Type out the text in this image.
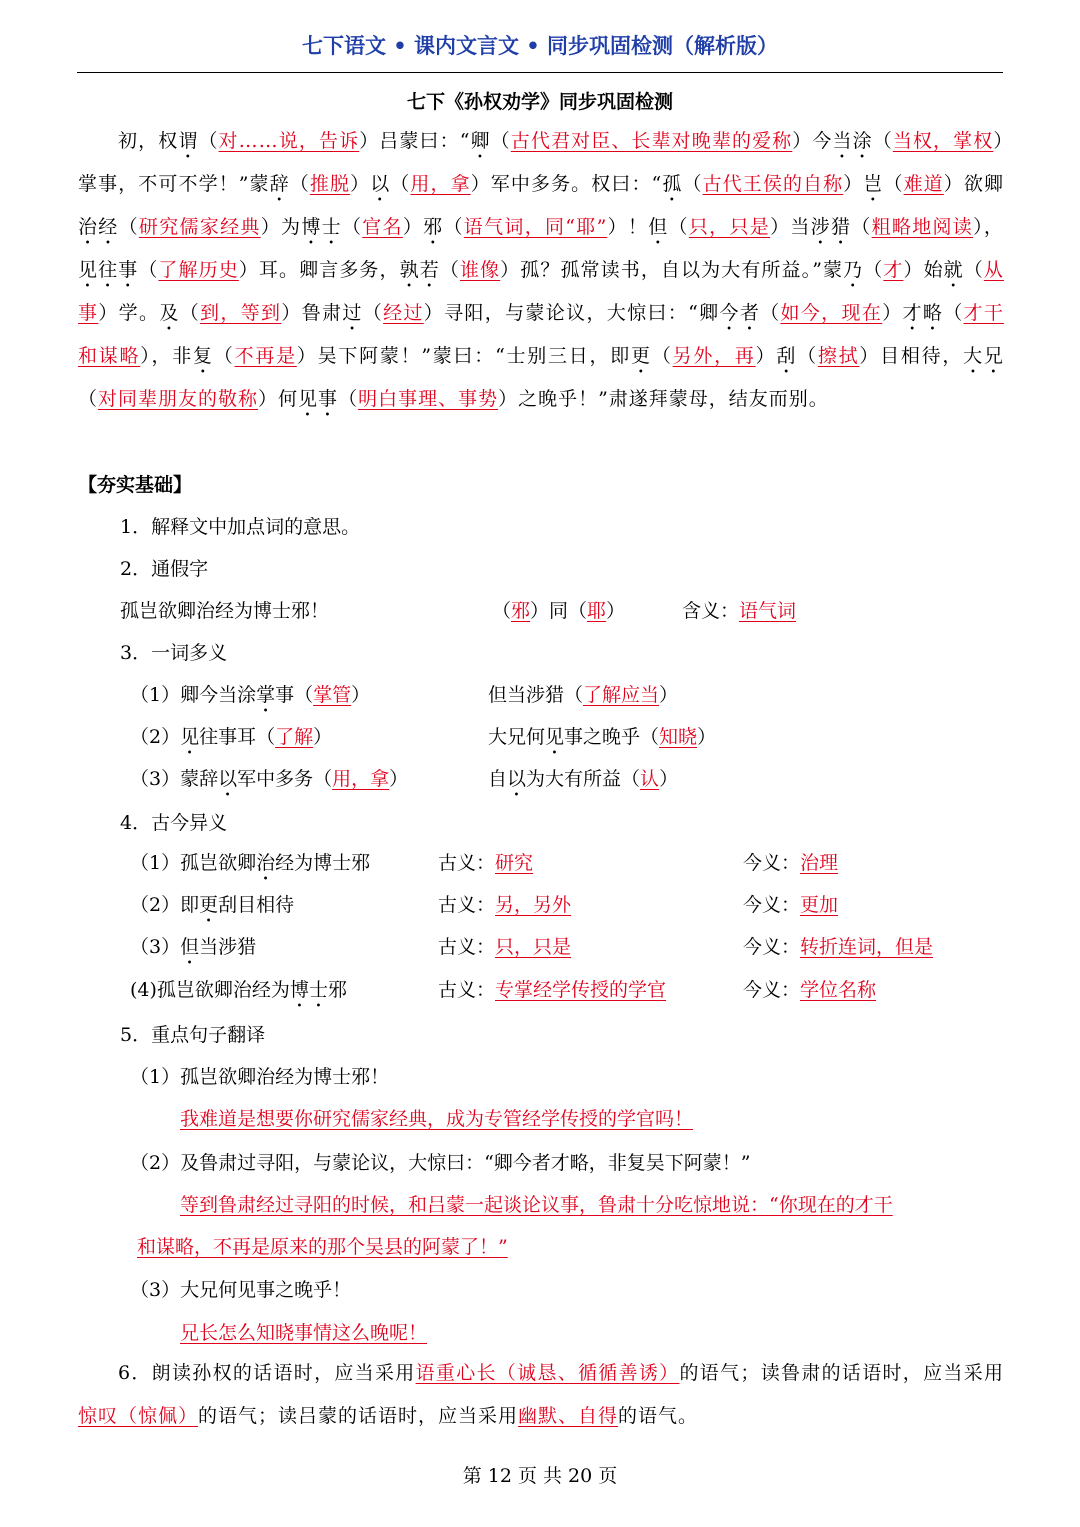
七下语文 • 课内文言文 • 同步巩固检测（解析版）
七下《孙权劝学》同步巩固检测
初，权谓（对……说，告诉）吕蒙曰：“卿（古代君对臣、长辈对晚辈的爱称）今当涂（当权，掌权）掌事，不可不学！”蒙辞（推脱）以（用，拿）军中多务。权曰：“孤（古代王侯的自称）岂（难道）欲卿治经（研究儒家经典）为博士（官名）邪（语气词，同“耶”）！但（只，只是）当涉猎（粗略地阅读），见往事（了解历史）耳。卿言多务，孰若（谁像）孤？孤常读书，自以为大有所益。”蒙乃（才）始就（从事）学。及（到，等到）鲁肃过（经过）寻阳，与蒙论议，大惊曰：“卿今者（如今，现在）才略（才干和谋略），非复（不再是）吴下阿蒙！”蒙曰：“士别三日，即更（另外，再）刮（擦拭）目相待，大兄（对同辈朋友的敬称）何见事（明白事理、事势）之晚乎！”肃遂拜蒙母，结友而别。
【夯实基础】
1．解释文中加点词的意思。
2．通假字
孤岂欲卿治经为博士邪！	（邪）同（耶）	含义：语气词
3．一词多义
4．古今异义
5．重点句子翻译
6．朗读孙权的话语时，应当采用语重心长（诚恳、循循善诱）的语气；读鲁肃的话语时，应当采用惊叹（惊佩）的语气；读吕蒙的话语时，应当采用幽默、自得的语气。
第 12 页 共 20 页
（1）卿今当涂掌事（掌管）	但当涉猎（了解应当）
（2）见往事耳（了解）	大兄何见事之晚乎（知晓）
（3）蒙辞以军中多务（用，拿）	自以为大有所益（认）
（1）孤岂欲卿治经为博士邪	古义：研究	今义：治理
（2）即更刮目相待	古义：另，另外	今义：更加
（3）但当涉猎	古义：只，只是	今义：转折连词，但是
(4)孤岂欲卿治经为博士邪	古义：专掌经学传授的学官	今义：学位名称
（1）孤岂欲卿治经为博士邪！
我难道是想要你研究儒家经典，成为专管经学传授的学官吗！
（2）及鲁肃过寻阳，与蒙论议，大惊曰：“卿今者才略，非复吴下阿蒙！”
等到鲁肃经过寻阳的时候，和吕蒙一起谈论议事，鲁肃十分吃惊地说：“你现在的才干
和谋略，不再是原来的那个吴县的阿蒙了！”
（3）大兄何见事之晚乎！
兄长怎么知晓事情这么晚呢！
